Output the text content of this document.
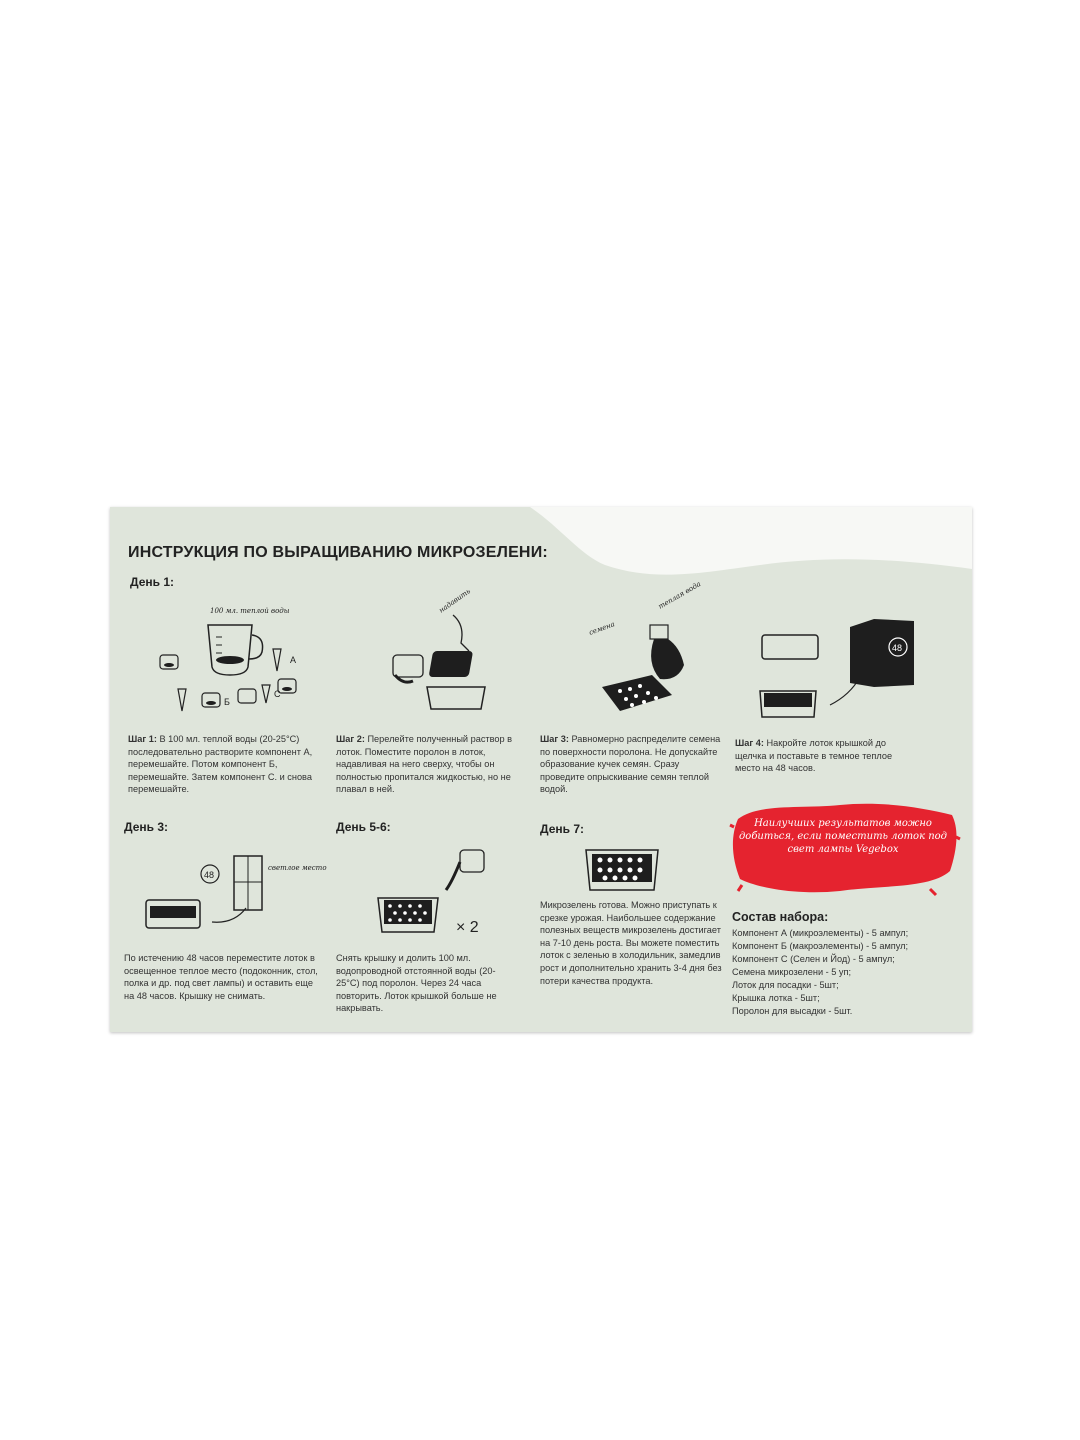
ИНСТРУКЦИЯ ПО ВЫРАЩИВАНИЮ МИКРОЗЕЛЕНИ:
День 1:
100 мл. теплой воды
А
Б
С
надавить
семена
теплая вода
48
Шаг 1: В 100 мл. теплой воды (20-25°С) последовательно растворите компонент А, перемешайте. Потом компонент Б, перемешайте. Затем компонент С. и снова перемешайте.
Шаг 2: Перелейте полученный раствор в лоток. Поместите поролон в лоток, надавливая на него сверху, чтобы он полностью пропитался жидкостью, но не плавал в ней.
Шаг 3: Равномерно распределите семена по поверхности поролона. Не допускайте образование кучек семян. Сразу проведите опрыскивание семян теплой водой.
Шаг 4: Накройте лоток крышкой до щелчка и поставьте в темное теплое место на 48 часов.
День 3:	День 5-6:	День 7:
48
светлое место
× 2
По истечению 48 часов переместите лоток в освещенное теплое место (подоконник, стол, полка и др. под свет лампы) и оставить еще на 48 часов. Крышку не снимать.
Снять крышку и долить 100 мл. водопроводной отстоянной воды (20-25°С) под поролон. Через 24 часа повторить. Лоток крышкой больше не накрывать.
Микрозелень готова. Можно приступать к срезке урожая. Наибольшее содержание полезных веществ микрозелень достигает на 7-10 день роста. Вы можете поместить лоток с зеленью в холодильник, замедлив рост и дополнительно хранить 3-4 дня без потери качества продукта.
Наилучших результатов можно добиться, если поместить лоток под свет лампы Vegebox
Состав набора:
Компонент А (микроэлементы) - 5 ампул;
Компонент Б (макроэлементы) - 5 ампул;
Компонент С (Селен и Йод) - 5 ампул;
Семена микрозелени - 5 уп;
Лоток для посадки - 5шт;
Крышка лотка - 5шт;
Поролон для высадки - 5шт.
